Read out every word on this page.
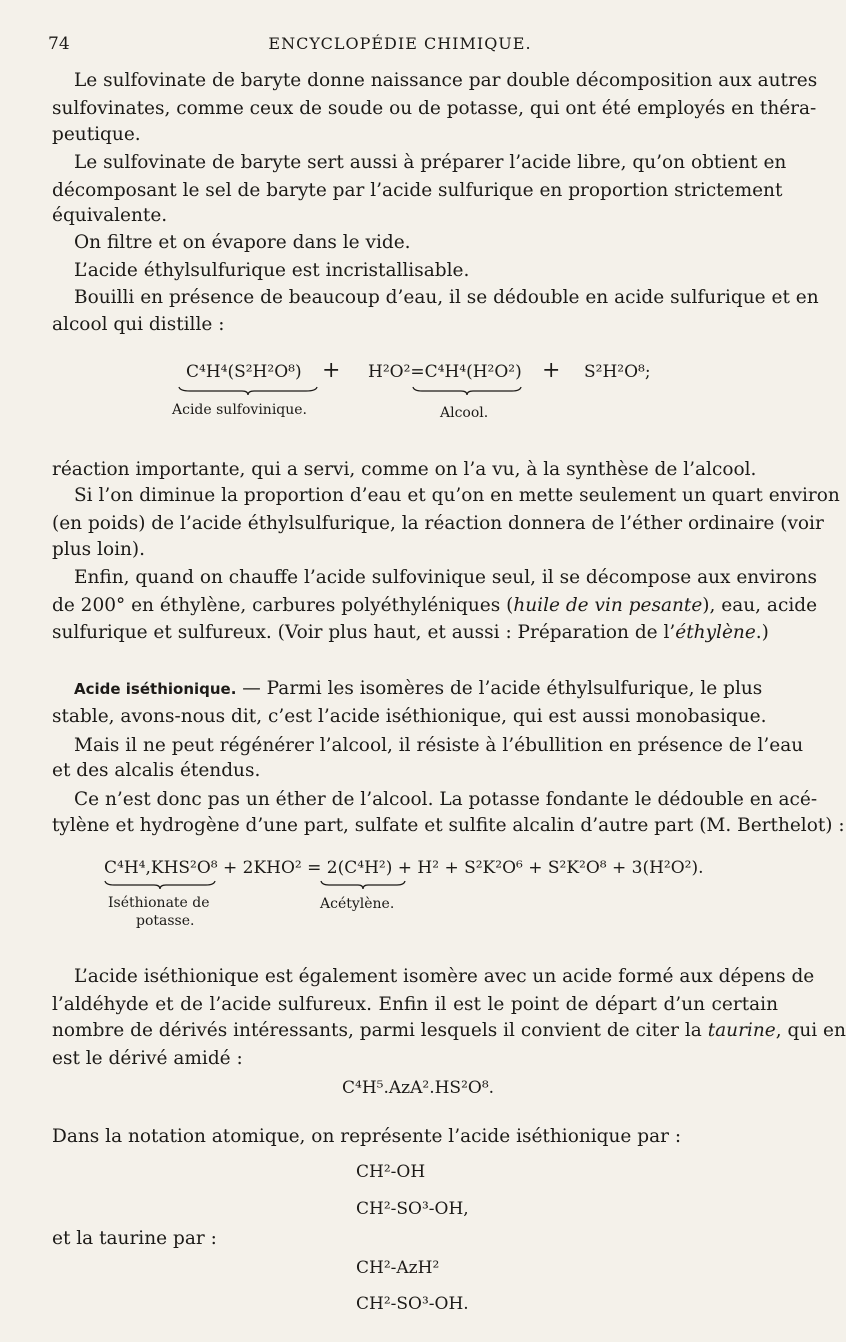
74	ENCYCLOPÉDIE CHIMIQUE.
Le sulfovinate de baryte donne naissance par double décomposition aux autres
sulfovinates, comme ceux de soude ou de potasse, qui ont été employés en théra-
peutique.
Le sulfovinate de baryte sert aussi à préparer l’acide libre, qu’on obtient en
décomposant le sel de baryte par l’acide sulfurique en proportion strictement
équivalente.
On filtre et on évapore dans le vide.
L’acide éthylsulfurique est incristallisable.
Bouilli en présence de beaucoup d’eau, il se dédouble en acide sulfurique et en
alcool qui distille :
C⁴H⁴(S²H²O⁸) + H²O²=C⁴H⁴(H²O²) + S²H²O⁸;
Acide sulfovinique.	Alcool.
réaction importante, qui a servi, comme on l’a vu, à la synthèse de l’alcool.
Si l’on diminue la proportion d’eau et qu’on en mette seulement un quart environ
(en poids) de l’acide éthylsulfurique, la réaction donnera de l’éther ordinaire (voir
plus loin).
Enfin, quand on chauffe l’acide sulfovinique seul, il se décompose aux environs
de 200° en éthylène, carbures polyéthyléniques (huile de vin pesante), eau, acide
sulfurique et sulfureux. (Voir plus haut, et aussi : Préparation de l’éthylène.)
Acide iséthionique. — Parmi les isomères de l’acide éthylsulfurique, le plus
stable, avons-nous dit, c’est l’acide iséthionique, qui est aussi monobasique.
Mais il ne peut régénérer l’alcool, il résiste à l’ébullition en présence de l’eau
et des alcalis étendus.
Ce n’est donc pas un éther de l’alcool. La potasse fondante le dédouble en acé-
tylène et hydrogène d’une part, sulfate et sulfite alcalin d’autre part (M. Berthelot) :
C⁴H⁴,KHS²O⁸ + 2KHO² = 2(C⁴H²) + H² + S²K²O⁶ + S²K²O⁸ + 3(H²O²).
Iséthionate de
potasse.
Acétylène.
L’acide iséthionique est également isomère avec un acide formé aux dépens de
l’aldéhyde et de l’acide sulfureux. Enfin il est le point de départ d’un certain
nombre de dérivés intéressants, parmi lesquels il convient de citer la taurine, qui en
est le dérivé amidé :
C⁴H⁵.AzA².HS²O⁸.
Dans la notation atomique, on représente l’acide iséthionique par :
CH²-OH
CH²-SO³-OH,
et la taurine par :
CH²-AzH²
CH²-SO³-OH.
